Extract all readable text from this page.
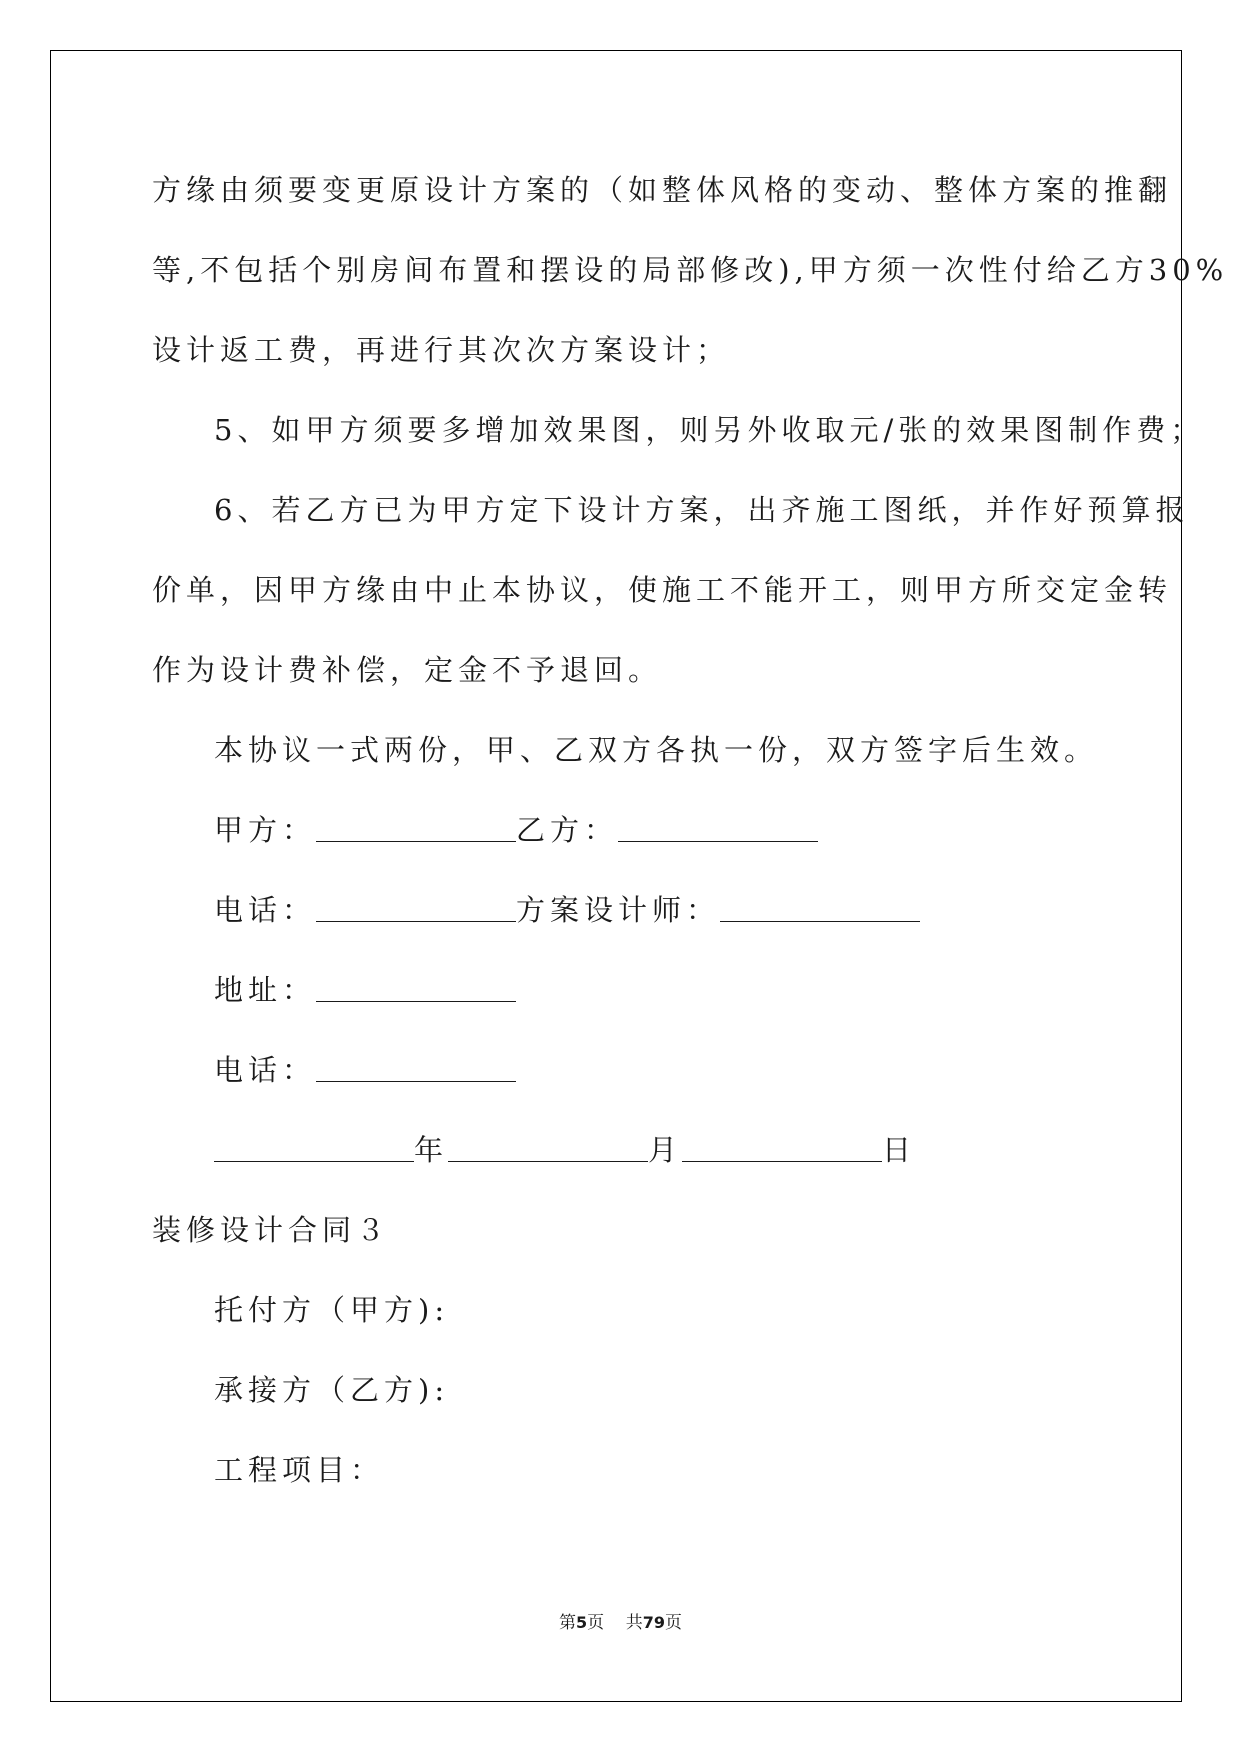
方缘由须要变更原设计方案的（如整体风格的变动、整体方案的推翻
等,不包括个别房间布置和摆设的局部修改),甲方须一次性付给乙方30%
设计返工费，再进行其次次方案设计；
5、如甲方须要多增加效果图，则另外收取元/张的效果图制作费；
6、若乙方已为甲方定下设计方案，出齐施工图纸，并作好预算报
价单，因甲方缘由中止本协议，使施工不能开工，则甲方所交定金转
作为设计费补偿，定金不予退回。
本协议一式两份，甲、乙双方各执一份，双方签字后生效。
甲方：	乙方：
电话：	方案设计师：
地址：
电话：
年	月	日
装修设计合同３
托付方（甲方):
承接方（乙方):
工程项目：
第5页 共79页
